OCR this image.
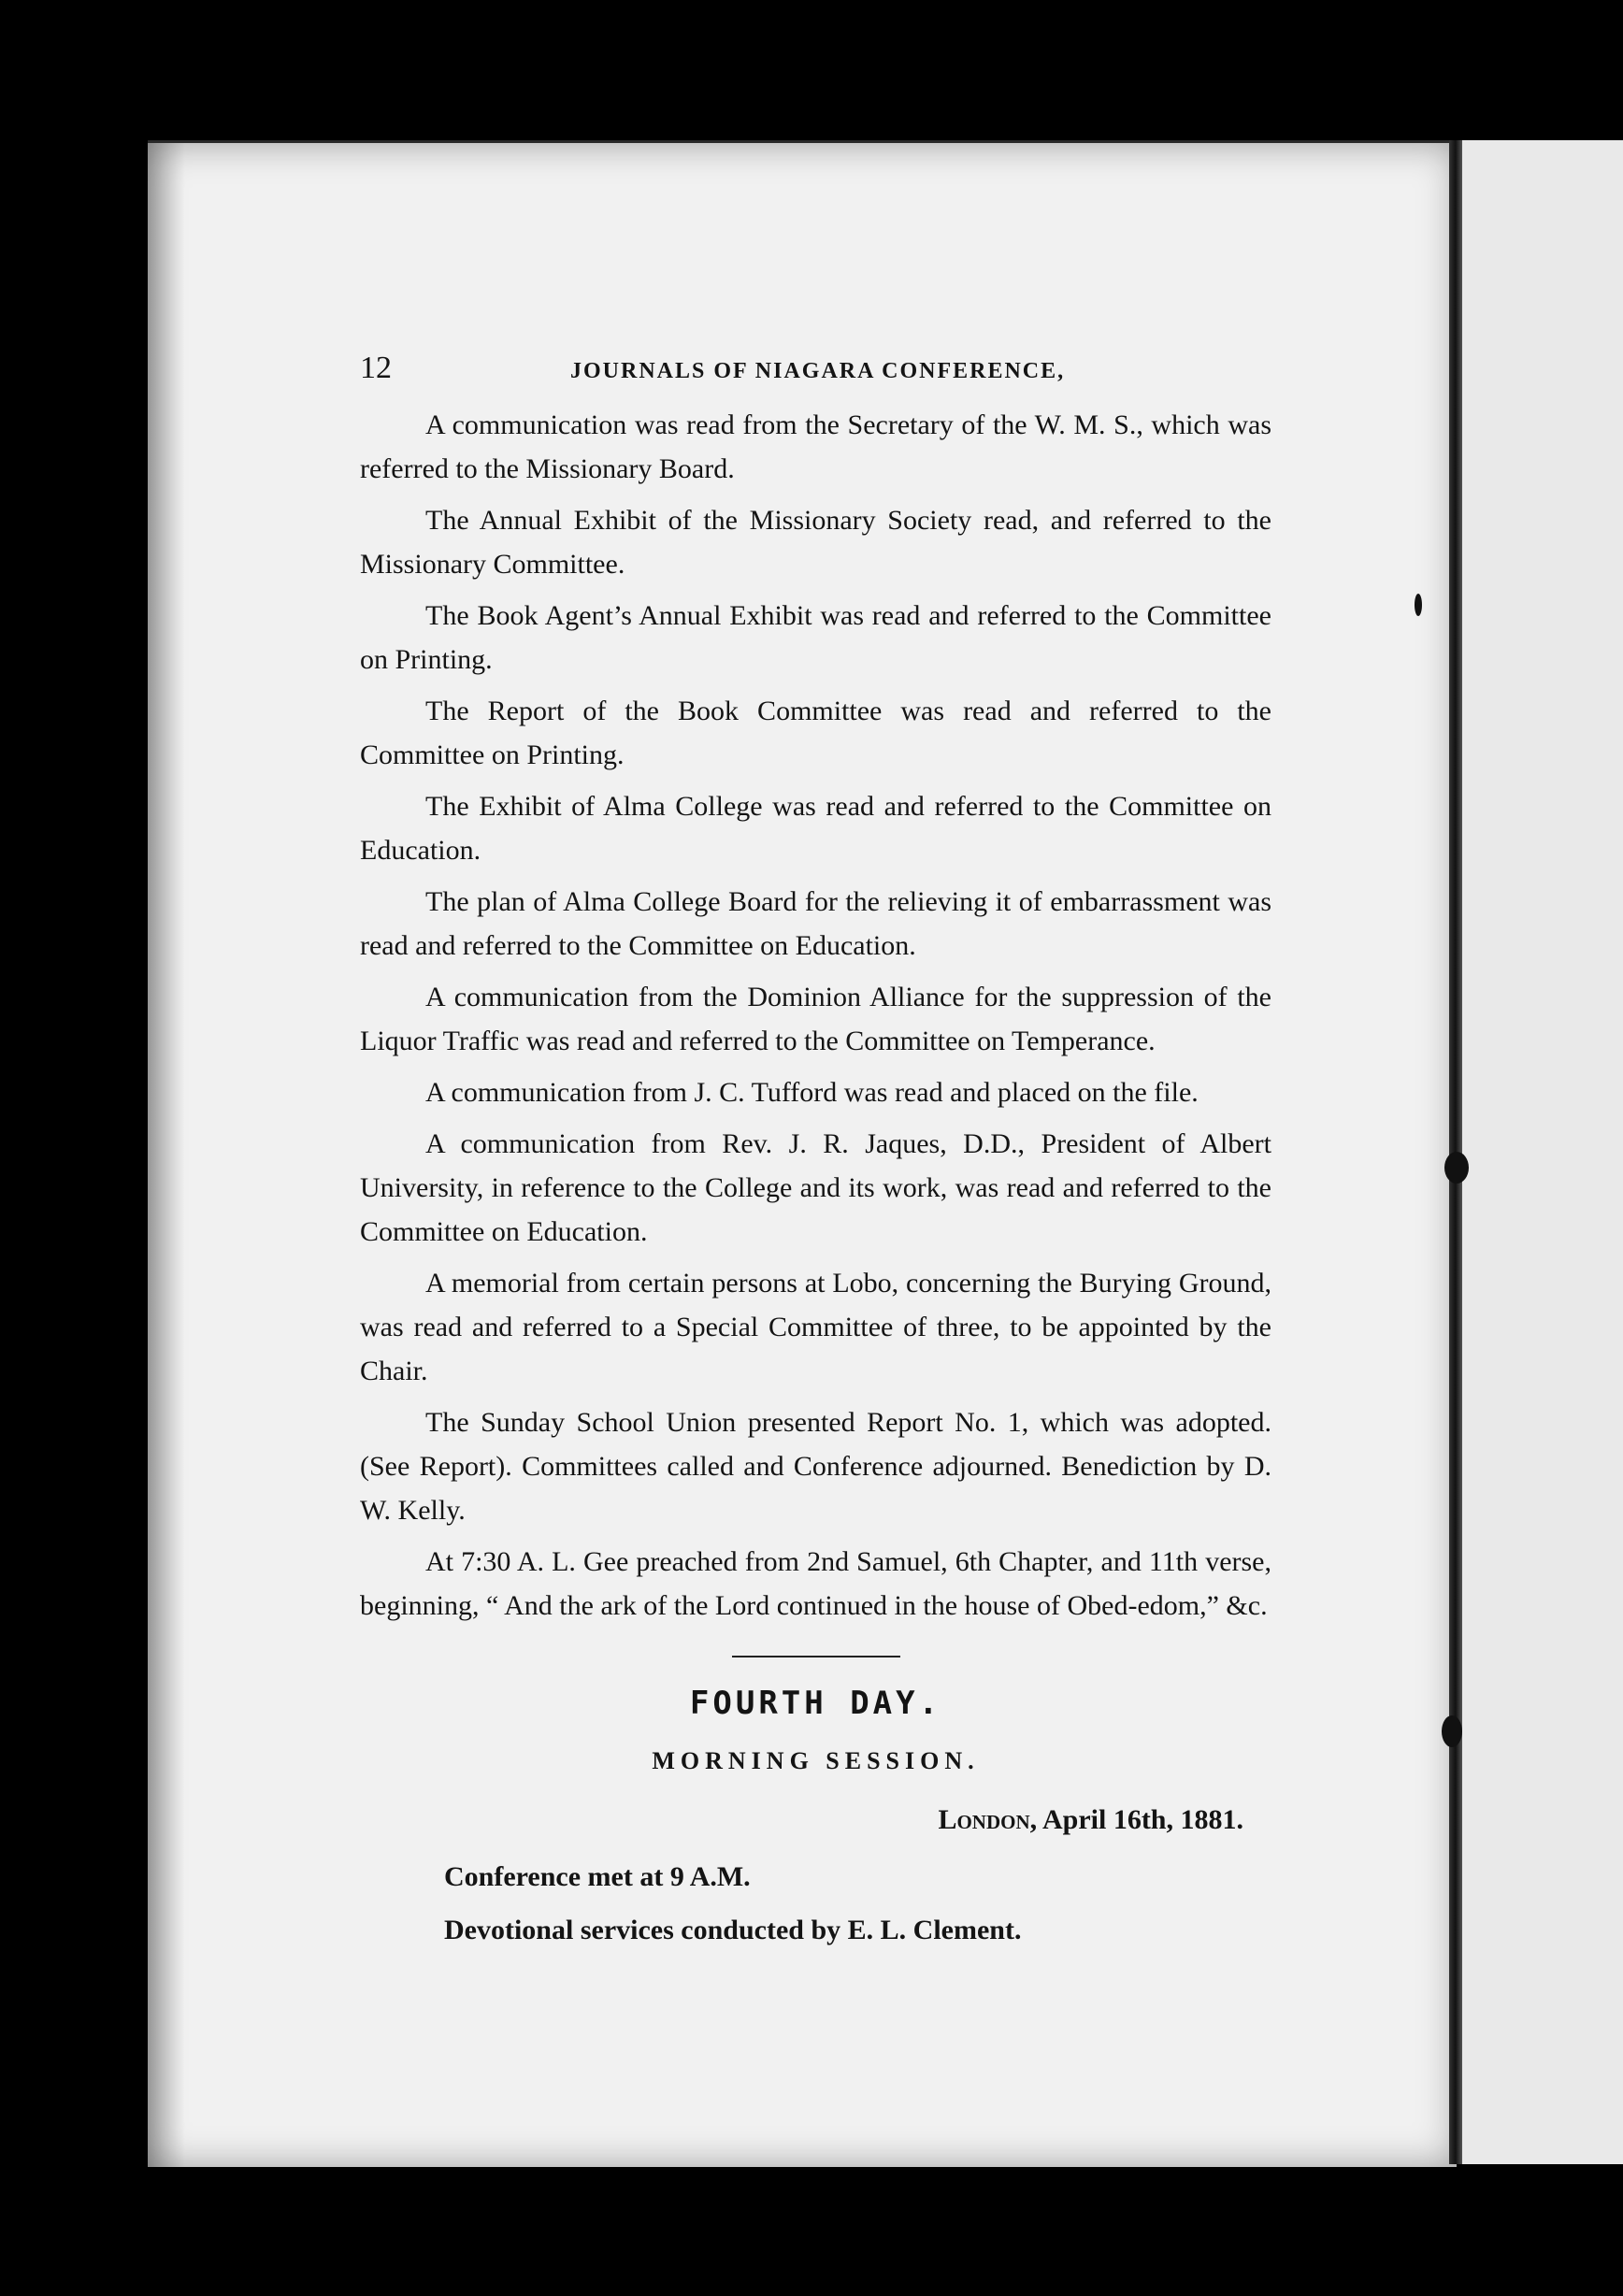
12	JOURNALS OF NIAGARA CONFERENCE,

A communication was read from the Secretary of the W. M. S., which was referred to the Missionary Board.

The Annual Exhibit of the Missionary Society read, and referred to the Missionary Committee.

The Book Agent’s Annual Exhibit was read and referred to the Committee on Printing.

The Report of the Book Committee was read and referred to the Committee on Printing.

The Exhibit of Alma College was read and referred to the Committee on Education.

The plan of Alma College Board for the relieving it of embarrassment was read and referred to the Committee on Education.

A communication from the Dominion Alliance for the suppression of the Liquor Traffic was read and referred to the Committee on Temperance.

A communication from J. C. Tufford was read and placed on the file.

A communication from Rev. J. R. Jaques, D.D., President of Albert University, in reference to the College and its work, was read and referred to the Committee on Education.

A memorial from certain persons at Lobo, concerning the Burying Ground, was read and referred to a Special Committee of three, to be appointed by the Chair.

The Sunday School Union presented Report No. 1, which was adopted. (See Report). Committees called and Conference adjourned. Benediction by D. W. Kelly.

At 7:30 A. L. Gee preached from 2nd Samuel, 6th Chapter, and 11th verse, beginning, “ And the ark of the Lord continued in the house of Obed-edom,” &c.

FOURTH DAY.
MORNING SESSION.
London, April 16th, 1881.

Conference met at 9 A.M.

Devotional services conducted by E. L. Clement.
